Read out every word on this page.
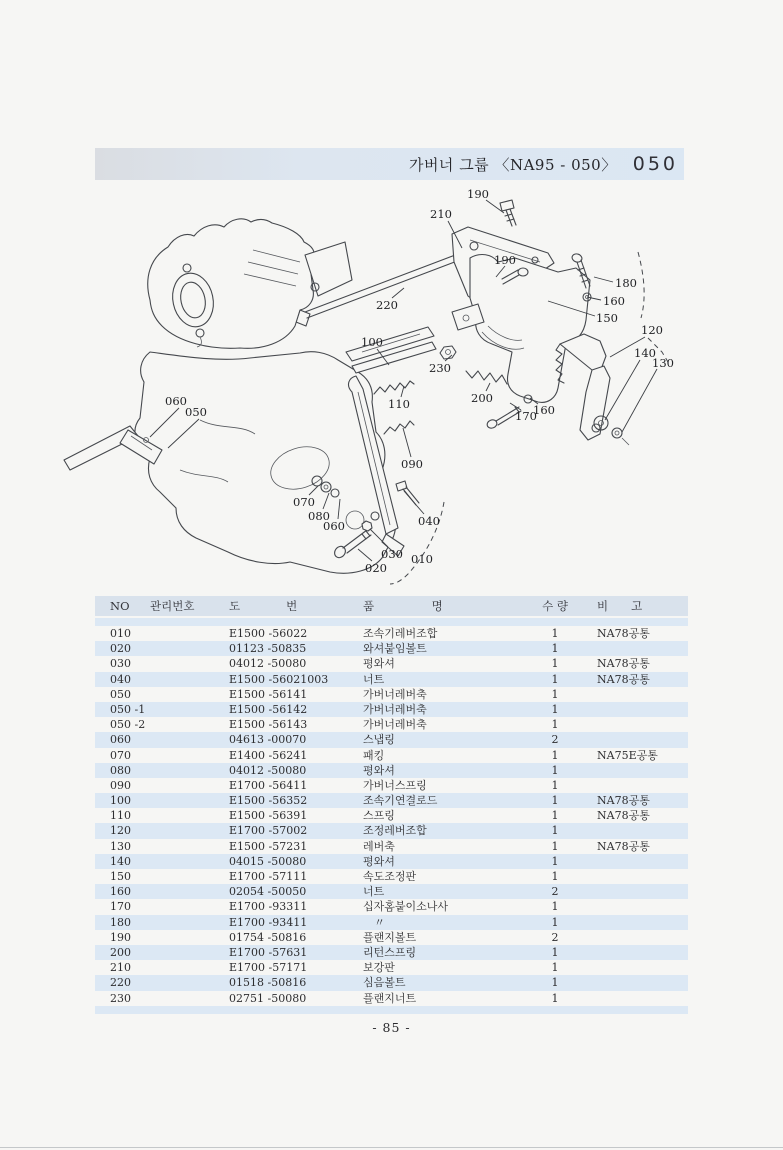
가버너 그룹 〈NA95 - 050〉 050
190
210
190
220
180
160
150
120
140
130
100
230
200
170
160
110
060
050
090
070
080
060	040
030 010
020
NO	관리번호	도　　　　번	품　　　　　명	수 량	비　　고
010	E1500 -56022	조속기레버조합	1	NA78공통
020	01123 -50835	와셔붙임볼트	1
030	04012 -50080	평와셔	1	NA78공통
040	E1500 -56021003	너트	1	NA78공통
050	E1500 -56141	가버너레버축	1
050 -1	E1500 -56142	가버너레버축	1
050 -2	E1500 -56143	가버너레버축	1
060	04613 -00070	스냅링	2
070	E1400 -56241	패킹	1	NA75E공통
080	04012 -50080	평와셔	1
090	E1700 -56411	가버너스프링	1
100	E1500 -56352	조속기연결로드	1	NA78공통
110	E1500 -56391	스프링	1	NA78공통
120	E1700 -57002	조정레버조합	1
130	E1500 -57231	레버축	1	NA78공통
140	04015 -50080	평와셔	1
150	E1700 -57111	속도조정판	1
160	02054 -50050	너트	2
170	E1700 -93311	십자홈붙이소나사	1
180	E1700 -93411	　〃	1
190	01754 -50816	플랜지볼트	2
200	E1700 -57631	리턴스프링	1
210	E1700 -57171	보강판	1
220	01518 -50816	심음볼트	1
230	02751 -50080	플랜지너트	1
- 85 -
